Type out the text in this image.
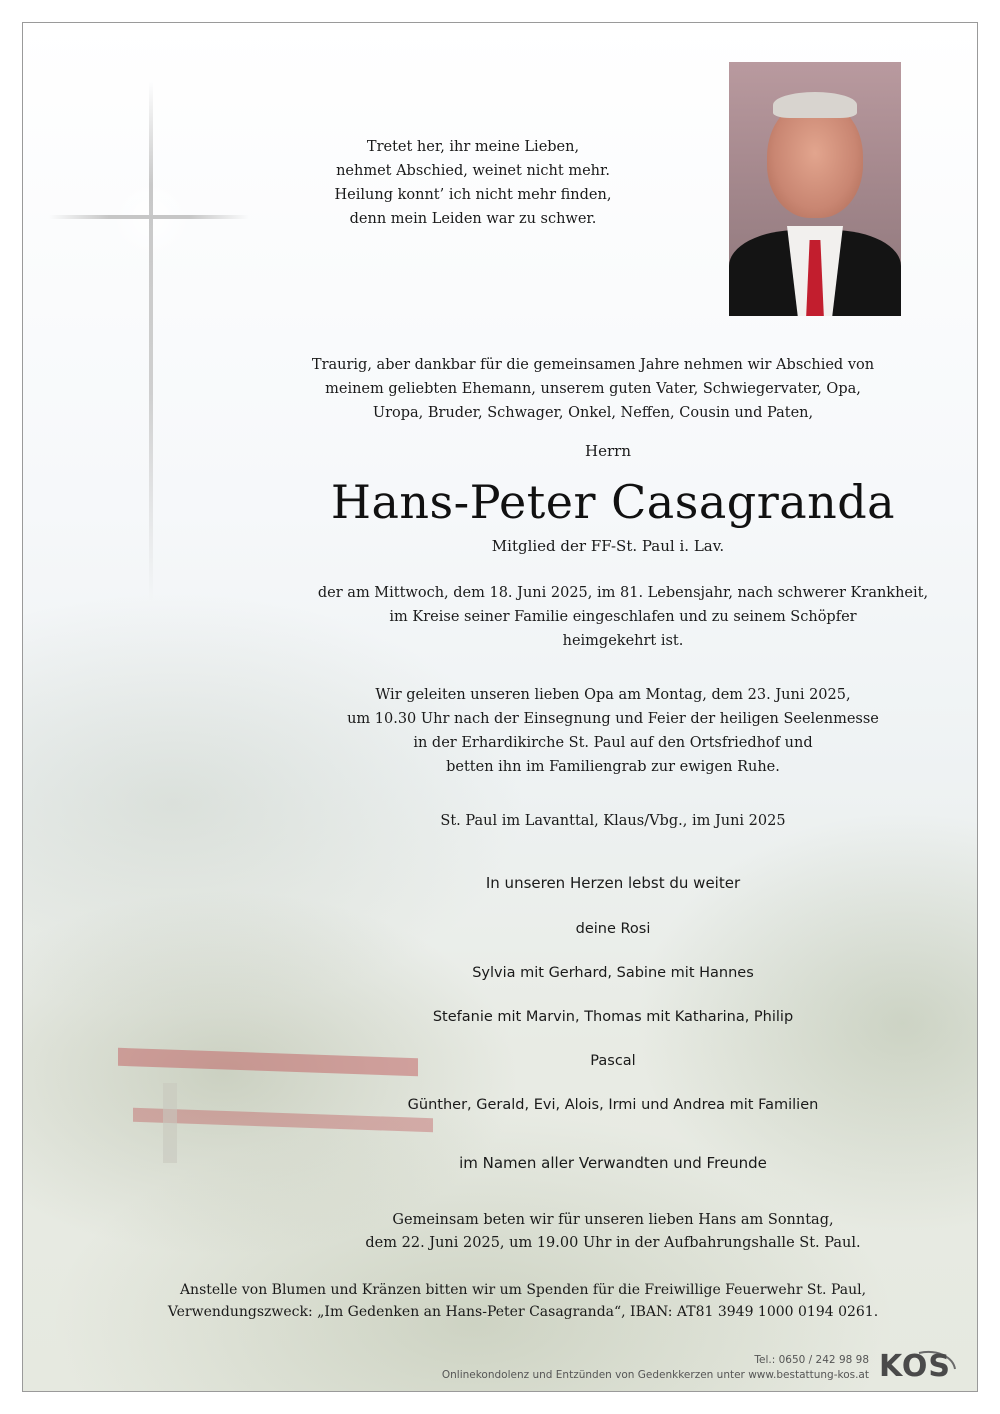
Tretet her, ihr meine Lieben,
nehmet Abschied, weinet nicht mehr.
Heilung konnt’ ich nicht mehr finden,
denn mein Leiden war zu schwer.
Traurig, aber dankbar für die gemeinsamen Jahre nehmen wir Abschied von
meinem geliebten Ehemann, unserem guten Vater, Schwiegervater, Opa,
Uropa, Bruder, Schwager, Onkel, Neffen, Cousin und Paten,
Herrn
Hans-Peter Casagranda
Mitglied der FF-St. Paul i. Lav.
der am Mittwoch, dem 18. Juni 2025, im 81. Lebensjahr, nach schwerer Krankheit,
im Kreise seiner Familie eingeschlafen und zu seinem Schöpfer
heimgekehrt ist.
Wir geleiten unseren lieben Opa am Montag, dem 23. Juni 2025,
um 10.30 Uhr nach der Einsegnung und Feier der heiligen Seelenmesse
in der Erhardikirche St. Paul auf den Ortsfriedhof und
betten ihn im Familiengrab zur ewigen Ruhe.
St. Paul im Lavanttal, Klaus/Vbg., im Juni 2025
In unseren Herzen lebst du weiter
deine Rosi
Sylvia mit Gerhard, Sabine mit Hannes
Stefanie mit Marvin, Thomas mit Katharina, Philip
Pascal
Günther, Gerald, Evi, Alois, Irmi und Andrea mit Familien
im Namen aller Verwandten und Freunde
Gemeinsam beten wir für unseren lieben Hans am Sonntag,
dem 22. Juni 2025, um 19.00 Uhr in der Aufbahrungshalle St. Paul.
Anstelle von Blumen und Kränzen bitten wir um Spenden für die Freiwillige Feuerwehr St. Paul,
Verwendungszweck: „Im Gedenken an Hans-Peter Casagranda“, IBAN: AT81 3949 1000 0194 0261.
Tel.: 0650 / 242 98 98
Onlinekondolenz und Entzünden von Gedenkkerzen unter www.bestattung-kos.at KOS
